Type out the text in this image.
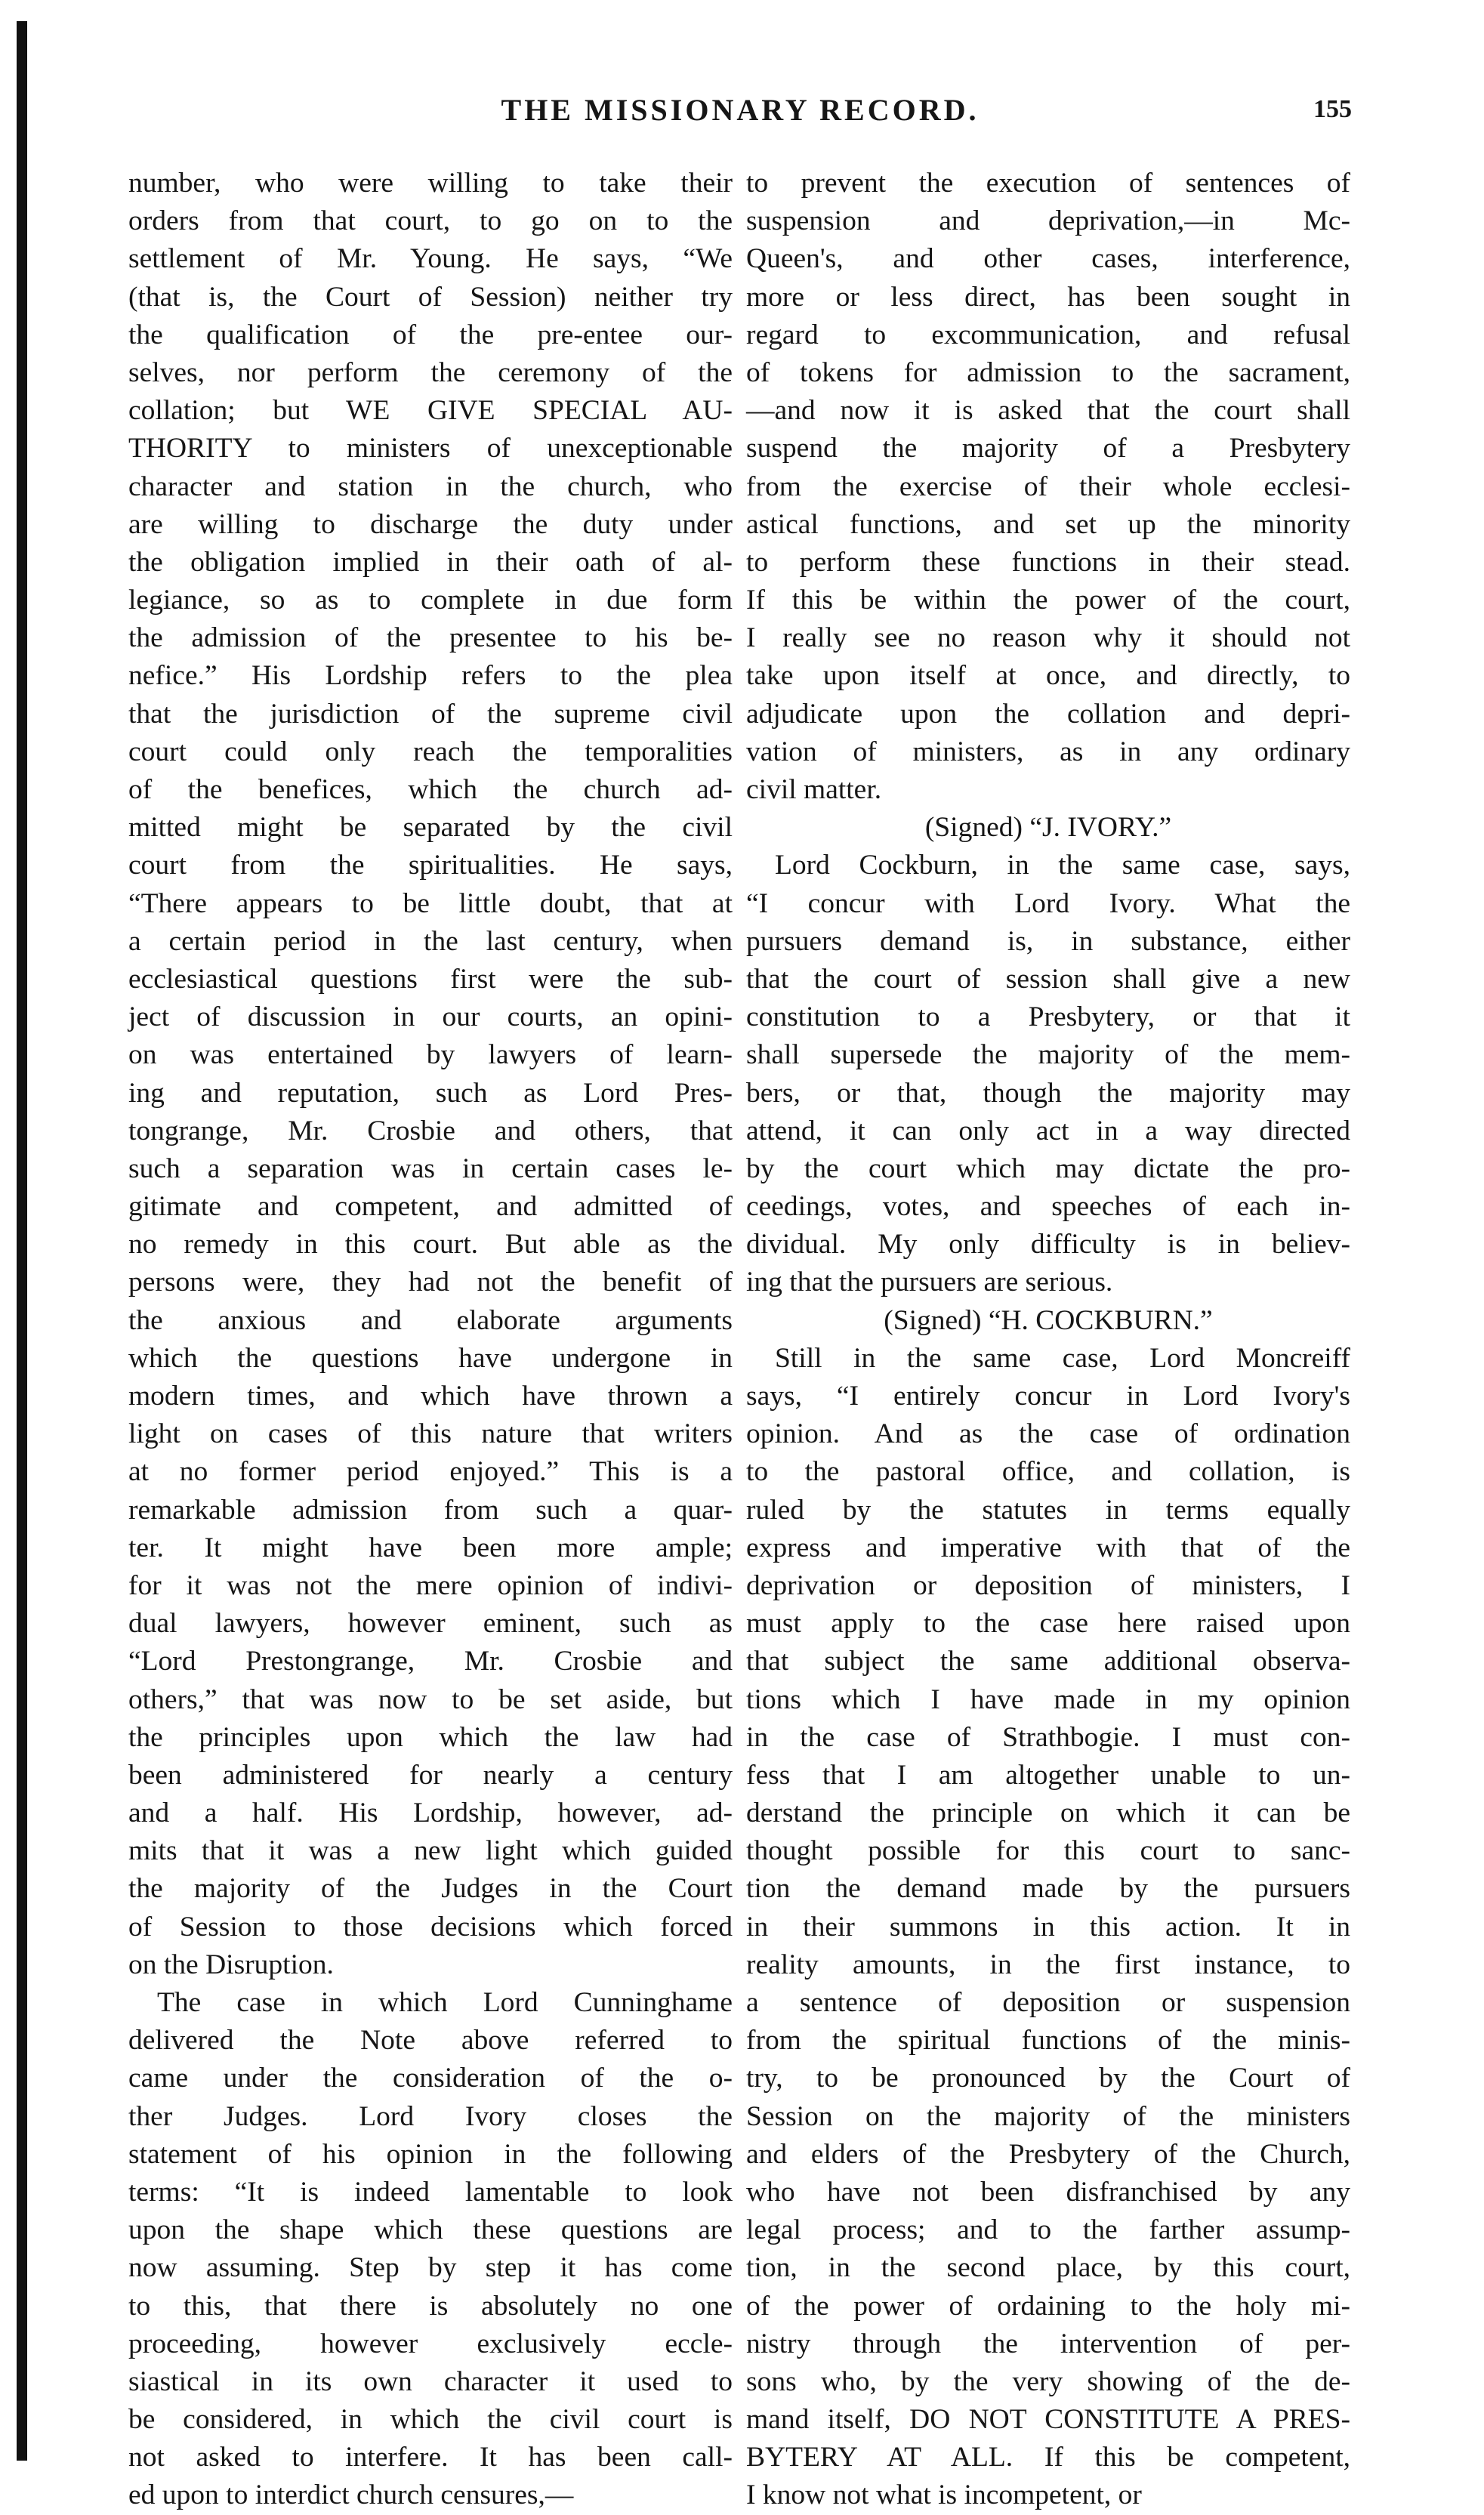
THE MISSIONARY RECORD.	155
number, who were willing to take their
orders from that court, to go on to the
settlement of Mr. Young. He says, “We
(that is, the Court of Session) neither try
the qualification of the pre-entee our-
selves, nor perform the ceremony of the
collation; but WE GIVE SPECIAL AU-
THORITY to ministers of unexceptionable
character and station in the church, who
are willing to discharge the duty under
the obligation implied in their oath of al-
legiance, so as to complete in due form
the admission of the presentee to his be-
nefice.” His Lordship refers to the plea
that the jurisdiction of the supreme civil
court could only reach the temporalities
of the benefices, which the church ad-
mitted might be separated by the civil
court from the spiritualities. He says,
“There appears to be little doubt, that at
a certain period in the last century, when
ecclesiastical questions first were the sub-
ject of discussion in our courts, an opini-
on was entertained by lawyers of learn-
ing and reputation, such as Lord Pres-
tongrange, Mr. Crosbie and others, that
such a separation was in certain cases le-
gitimate and competent, and admitted of
no remedy in this court. But able as the
persons were, they had not the benefit of
the anxious and elaborate arguments
which the questions have undergone in
modern times, and which have thrown a
light on cases of this nature that writers
at no former period enjoyed.” This is a
remarkable admission from such a quar-
ter. It might have been more ample;
for it was not the mere opinion of indivi-
dual lawyers, however eminent, such as
“Lord Prestongrange, Mr. Crosbie and
others,” that was now to be set aside, but
the principles upon which the law had
been administered for nearly a century
and a half. His Lordship, however, ad-
mits that it was a new light which guided
the majority of the Judges in the Court
of Session to those decisions which forced
on the Disruption.
The case in which Lord Cunninghame
delivered the Note above referred to
came under the consideration of the o-
ther Judges. Lord Ivory closes the
statement of his opinion in the following
terms: “It is indeed lamentable to look
upon the shape which these questions are
now assuming. Step by step it has come
to this, that there is absolutely no one
proceeding, however exclusively eccle-
siastical in its own character it used to
be considered, in which the civil court is
not asked to interfere. It has been call-
ed upon to interdict church censures,—
to prevent the execution of sentences of
suspension and deprivation,—in Mc-
Queen's, and other cases, interference,
more or less direct, has been sought in
regard to excommunication, and refusal
of tokens for admission to the sacrament,
—and now it is asked that the court shall
suspend the majority of a Presbytery
from the exercise of their whole ecclesi-
astical functions, and set up the minority
to perform these functions in their stead.
If this be within the power of the court,
I really see no reason why it should not
take upon itself at once, and directly, to
adjudicate upon the collation and depri-
vation of ministers, as in any ordinary
civil matter.
(Signed) “J. IVORY.”
Lord Cockburn, in the same case, says,
“I concur with Lord Ivory. What the
pursuers demand is, in substance, either
that the court of session shall give a new
constitution to a Presbytery, or that it
shall supersede the majority of the mem-
bers, or that, though the majority may
attend, it can only act in a way directed
by the court which may dictate the pro-
ceedings, votes, and speeches of each in-
dividual. My only difficulty is in believ-
ing that the pursuers are serious.
(Signed) “H. COCKBURN.”
Still in the same case, Lord Moncreiff
says, “I entirely concur in Lord Ivory's
opinion. And as the case of ordination
to the pastoral office, and collation, is
ruled by the statutes in terms equally
express and imperative with that of the
deprivation or deposition of ministers, I
must apply to the case here raised upon
that subject the same additional observa-
tions which I have made in my opinion
in the case of Strathbogie. I must con-
fess that I am altogether unable to un-
derstand the principle on which it can be
thought possible for this court to sanc-
tion the demand made by the pursuers
in their summons in this action. It in
reality amounts, in the first instance, to
a sentence of deposition or suspension
from the spiritual functions of the minis-
try, to be pronounced by the Court of
Session on the majority of the ministers
and elders of the Presbytery of the Church,
who have not been disfranchised by any
legal process; and to the farther assump-
tion, in the second place, by this court,
of the power of ordaining to the holy mi-
nistry through the intervention of per-
sons who, by the very showing of the de-
mand itself, DO NOT CONSTITUTE A PRES-
BYTERY AT ALL. If this be competent,
I know not what is incompetent, or
